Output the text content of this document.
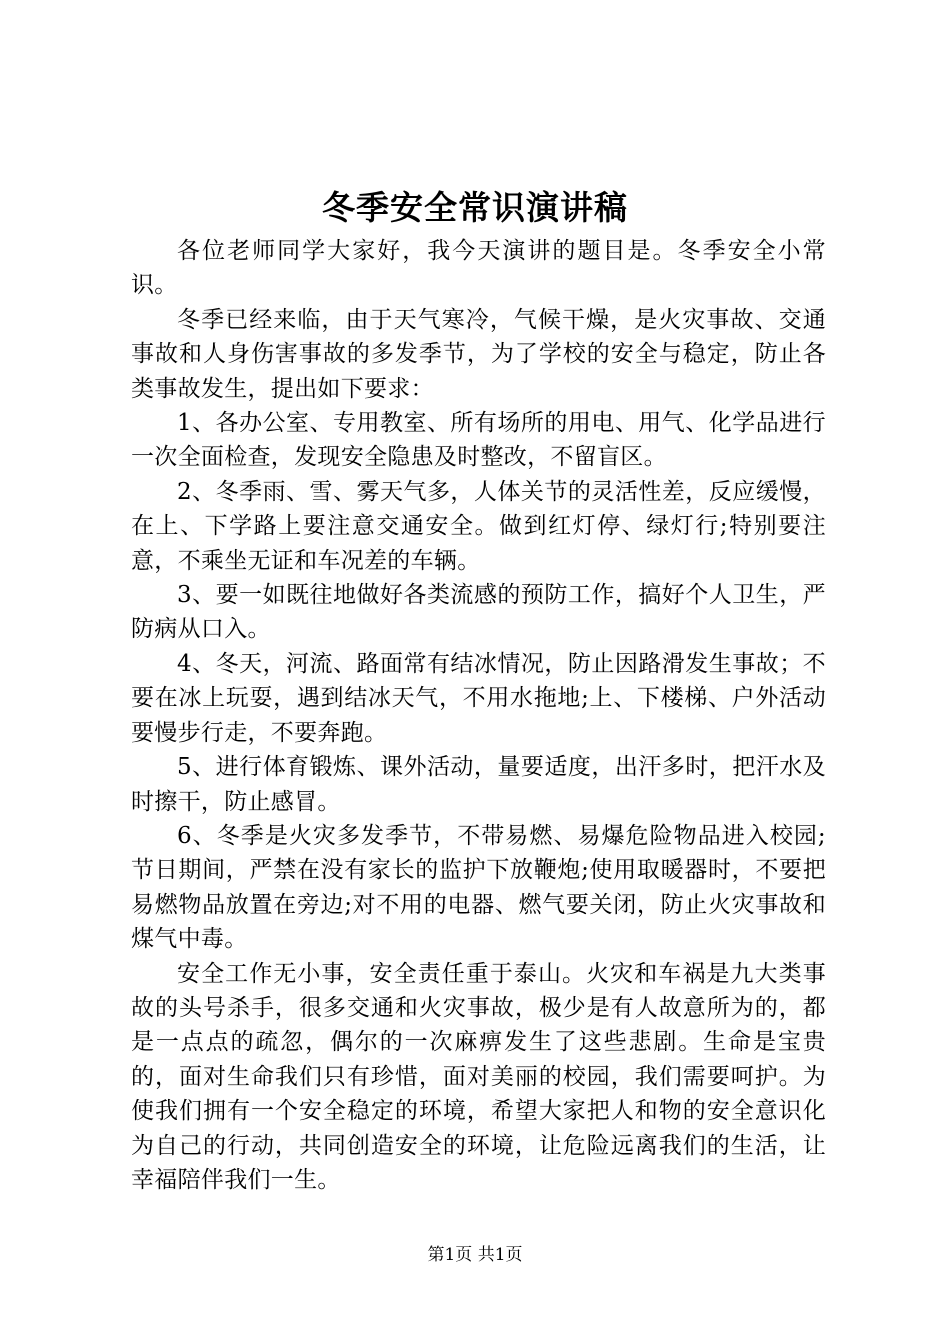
冬季安全常识演讲稿

各位老师同学大家好，我今天演讲的题目是。冬季安全小常识。

冬季已经来临，由于天气寒冷，气候干燥，是火灾事故、交通事故和人身伤害事故的多发季节，为了学校的安全与稳定，防止各类事故发生，提出如下要求：

1、各办公室、专用教室、所有场所的用电、用气、化学品进行一次全面检查，发现安全隐患及时整改，不留盲区。

2、冬季雨、雪、雾天气多，人体关节的灵活性差，反应缓慢，在上、下学路上要注意交通安全。做到红灯停、绿灯行;特别要注意，不乘坐无证和车况差的车辆。

3、要一如既往地做好各类流感的预防工作，搞好个人卫生，严防病从口入。

4、冬天，河流、路面常有结冰情况，防止因路滑发生事故；不要在冰上玩耍，遇到结冰天气，不用水拖地;上、下楼梯、户外活动要慢步行走，不要奔跑。

5、进行体育锻炼、课外活动，量要适度，出汗多时，把汗水及时擦干，防止感冒。

6、冬季是火灾多发季节，不带易燃、易爆危险物品进入校园;节日期间，严禁在没有家长的监护下放鞭炮;使用取暖器时，不要把易燃物品放置在旁边;对不用的电器、燃气要关闭，防止火灾事故和煤气中毒。

安全工作无小事，安全责任重于泰山。火灾和车祸是九大类事故的头号杀手，很多交通和火灾事故，极少是有人故意所为的，都是一点点的疏忽，偶尔的一次麻痹发生了这些悲剧。生命是宝贵的，面对生命我们只有珍惜，面对美丽的校园，我们需要呵护。为使我们拥有一个安全稳定的环境，希望大家把人和物的安全意识化为自己的行动，共同创造安全的环境，让危险远离我们的生活，让幸福陪伴我们一生。

第1页 共1页
